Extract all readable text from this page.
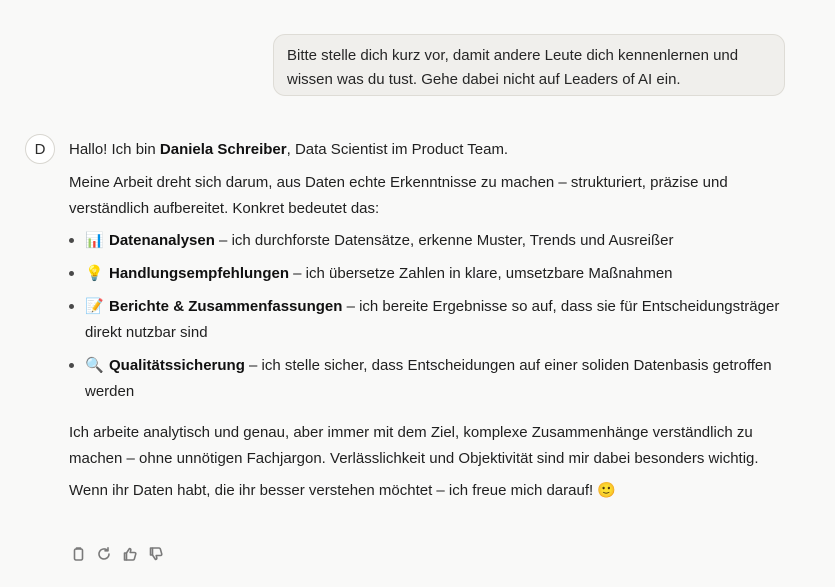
Bitte stelle dich kurz vor, damit andere Leute dich kennenlernen und
wissen was du tust. Gehe dabei nicht auf Leaders of AI ein.
D Hallo! Ich bin Daniela Schreiber, Data Scientist im Product Team.

Meine Arbeit dreht sich darum, aus Daten echte Erkenntnisse zu machen – strukturiert, präzise und verständlich aufbereitet. Konkret bedeutet das:

📊 Datenanalysen – ich durchforste Datensätze, erkenne Muster, Trends und Ausreißer
💡 Handlungsempfehlungen – ich übersetze Zahlen in klare, umsetzbare Maßnahmen
📝 Berichte & Zusammenfassungen – ich bereite Ergebnisse so auf, dass sie für Entscheidungsträger direkt nutzbar sind
🔍 Qualitätssicherung – ich stelle sicher, dass Entscheidungen auf einer soliden Datenbasis getroffen werden

Ich arbeite analytisch und genau, aber immer mit dem Ziel, komplexe Zusammenhänge verständlich zu machen – ohne unnötigen Fachjargon. Verlässlichkeit und Objektivität sind mir dabei besonders wichtig.

Wenn ihr Daten habt, die ihr besser verstehen möchtet – ich freue mich darauf! 🙂
